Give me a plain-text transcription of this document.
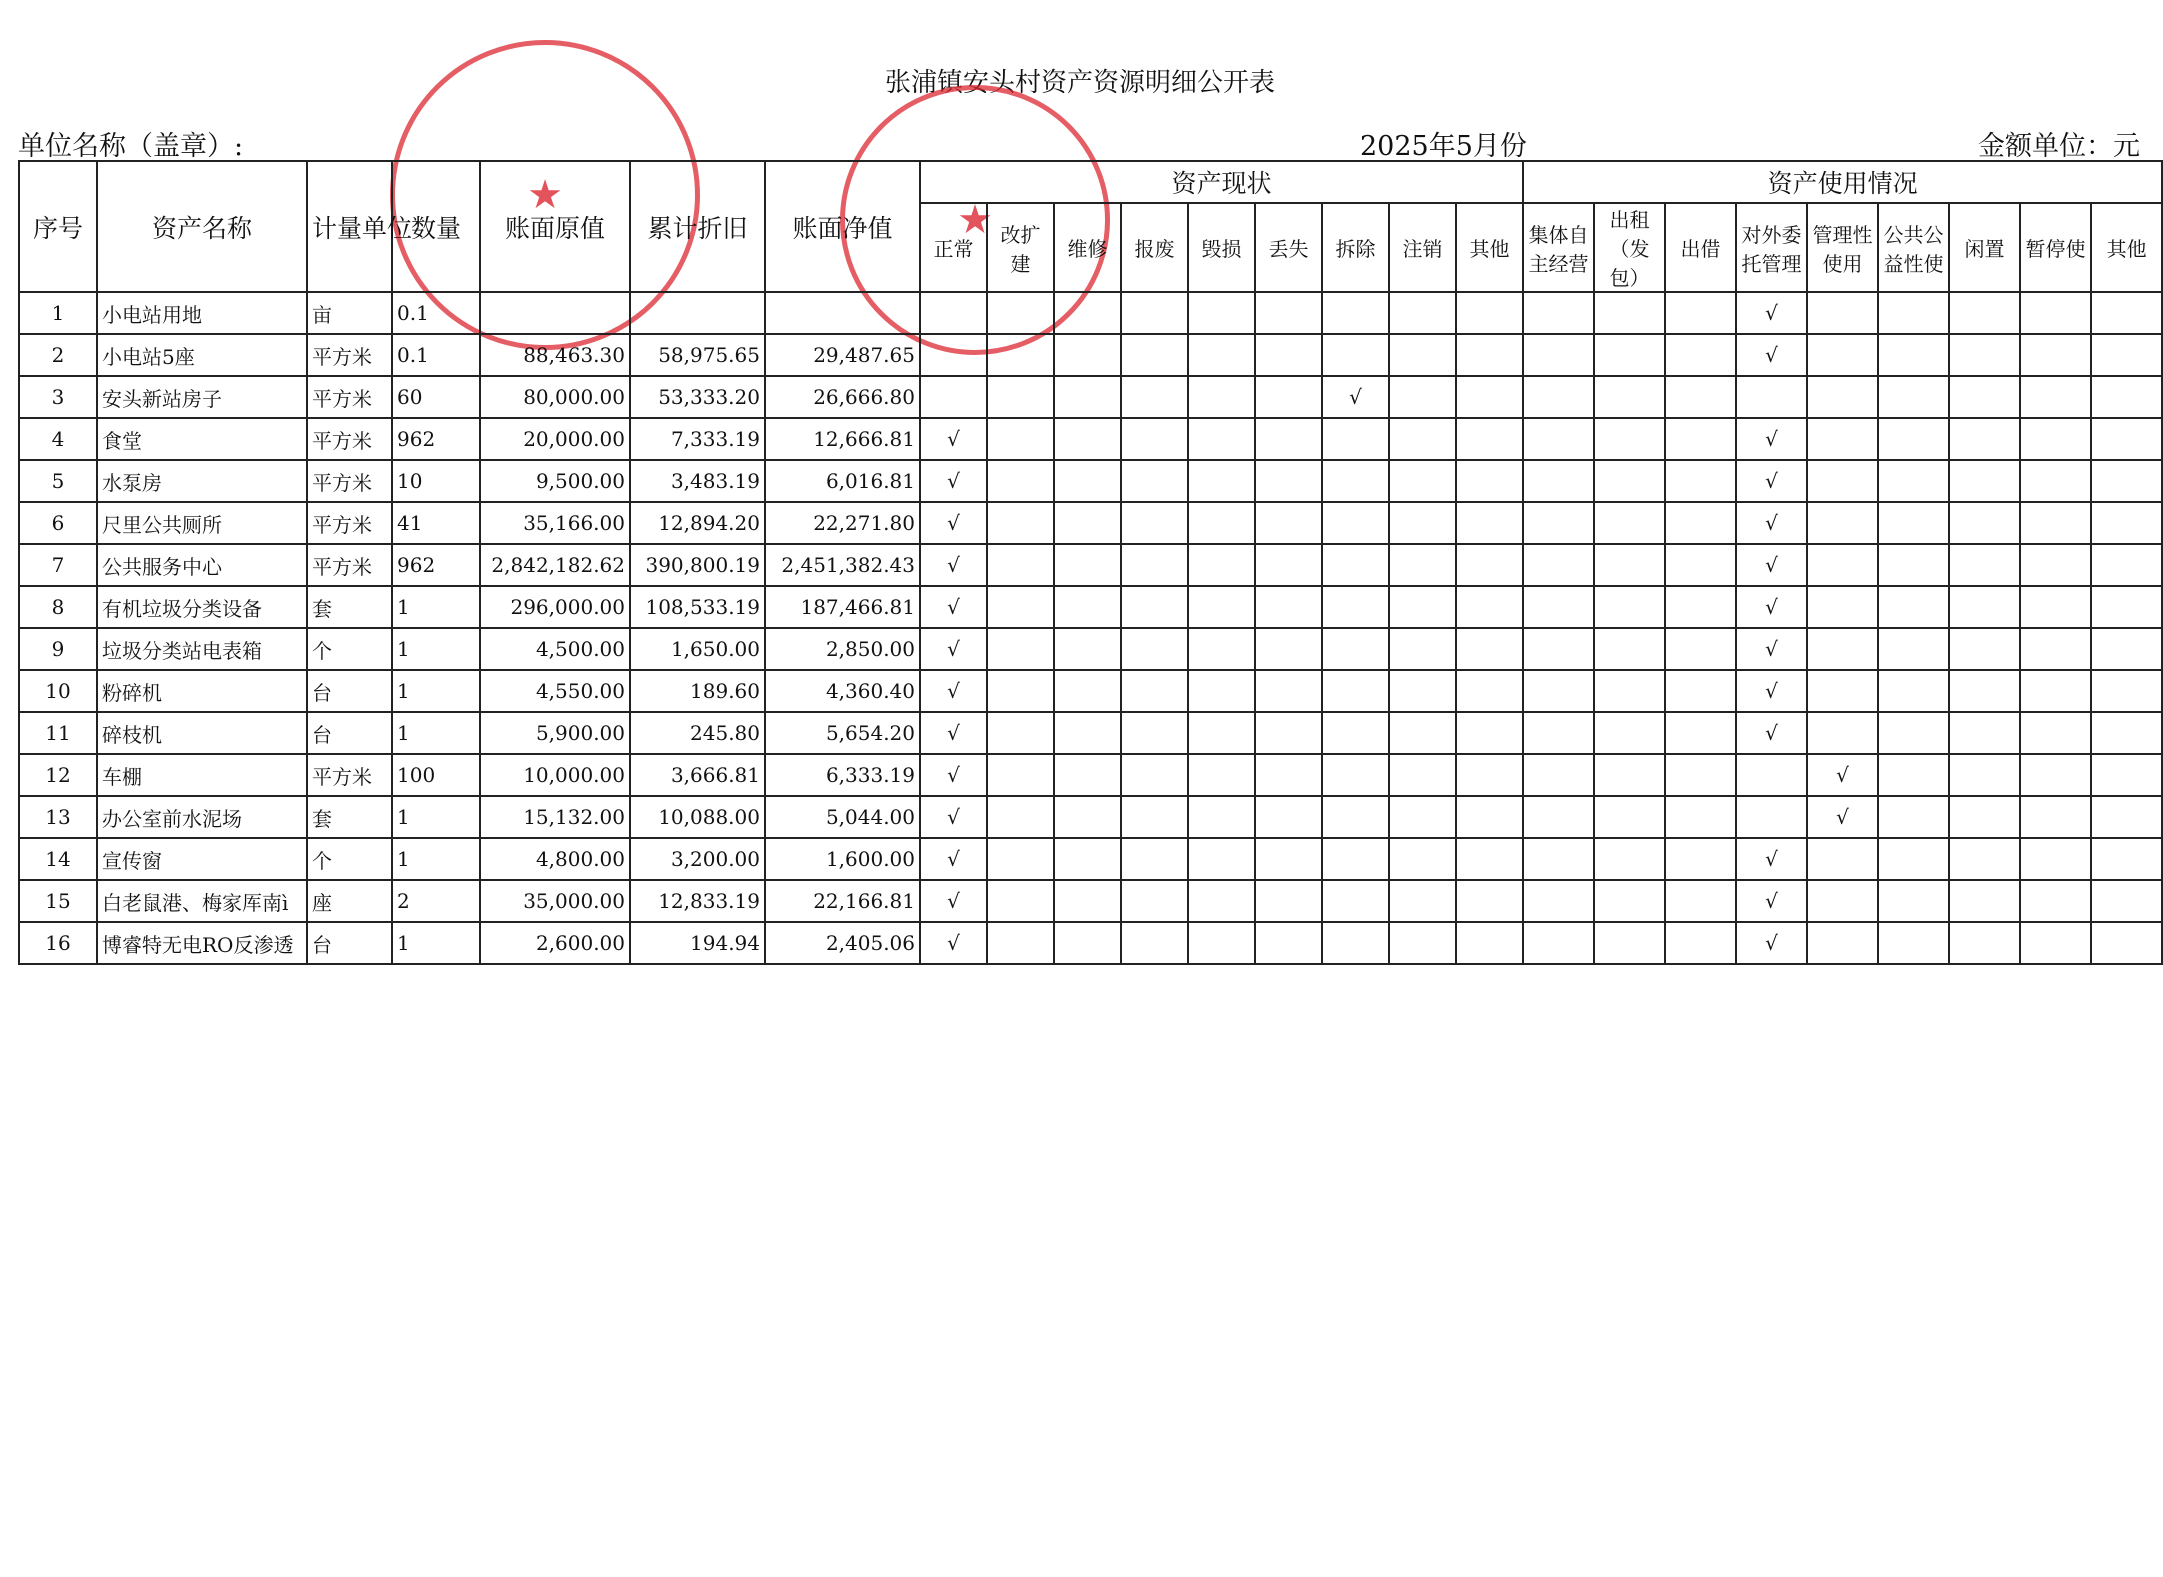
张浦镇安头村资产资源明细公开表
单位名称（盖章）:	2025年5月份	金额单位：元
★
★
序号	资产名称	计量单位	数量	账面原值	累计折旧	账面净值	资产现状									资产使用情况								
							正常	改扩建	维修	报废	毁损	丢失	拆除	注销	其他	集体自主经营	出租（发包）	出借	对外委托管理	管理性使用	公共公益性使	闲置	暂停使	其他
1	小电站用地	亩	0.1																√					
2	小电站5座	平方米	0.1	88,463.30	58,975.65	29,487.65													√					
3	安头新站房子	平方米	60	80,000.00	53,333.20	26,666.80							√											
4	食堂	平方米	962	20,000.00	7,333.19	12,666.81	√												√					
5	水泵房	平方米	10	9,500.00	3,483.19	6,016.81	√												√					
6	尺里公共厕所	平方米	41	35,166.00	12,894.20	22,271.80	√												√					
7	公共服务中心	平方米	962	2,842,182.62	390,800.19	2,451,382.43	√												√					
8	有机垃圾分类设备	套	1	296,000.00	108,533.19	187,466.81	√												√					
9	垃圾分类站电表箱	个	1	4,500.00	1,650.00	2,850.00	√												√					
10	粉碎机	台	1	4,550.00	189.60	4,360.40	√												√					
11	碎枝机	台	1	5,900.00	245.80	5,654.20	√												√					
12	车棚	平方米	100	10,000.00	3,666.81	6,333.19	√													√				
13	办公室前水泥场	套	1	15,132.00	10,088.00	5,044.00	√													√				
14	宣传窗	个	1	4,800.00	3,200.00	1,600.00	√												√					
15	白老鼠港、梅家厍南ì	座	2	35,000.00	12,833.19	22,166.81	√												√					
16	博睿特无电RO反渗透	台	1	2,600.00	194.94	2,405.06	√												√					
